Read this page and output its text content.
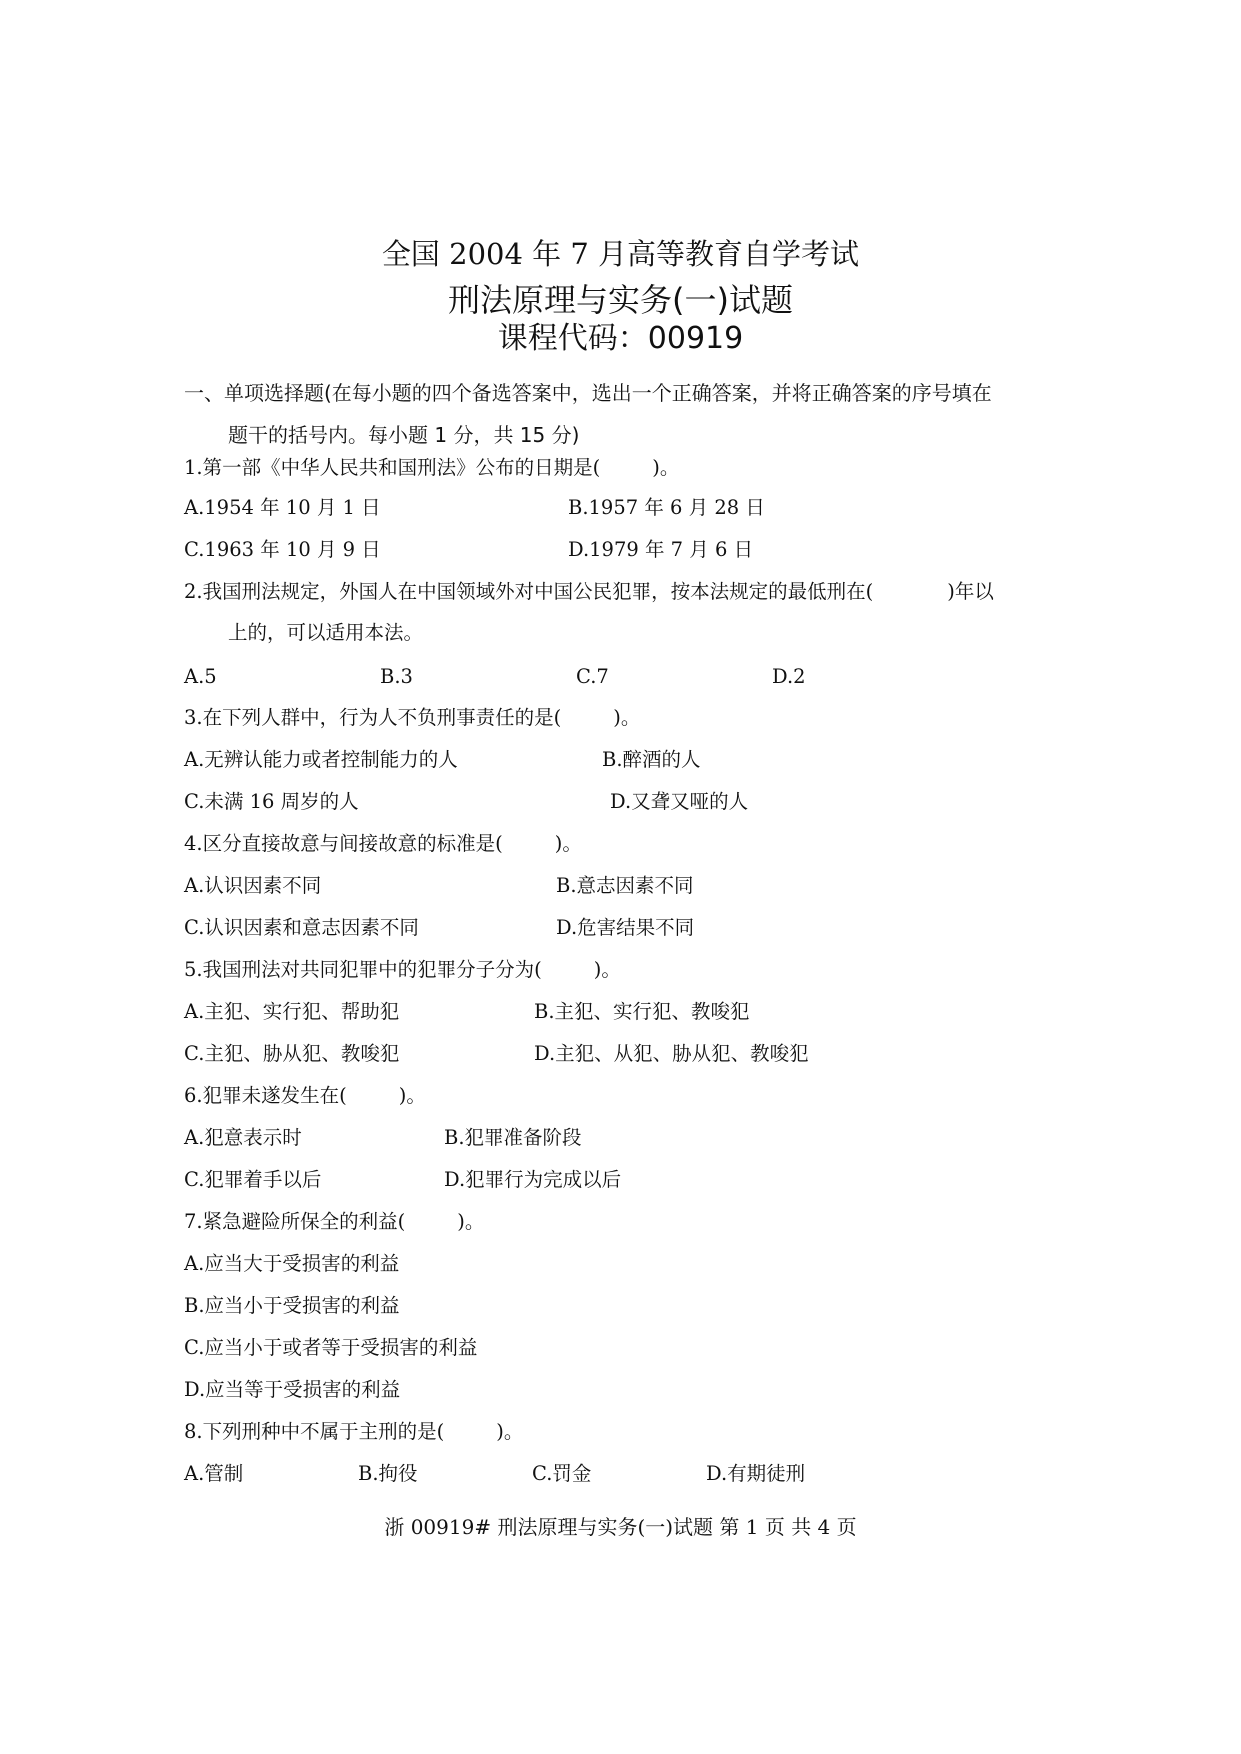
全国 2004 年 7 月高等教育自学考试
刑法原理与实务(一)试题
课程代码：00919
一、单项选择题(在每小题的四个备选答案中，选出一个正确答案，并将正确答案的序号填在
题干的括号内。每小题 1 分，共 15 分)
1.第一部《中华人民共和国刑法》公布的日期是(	)。
A.1954 年 10 月 1 日	B.1957 年 6 月 28 日
C.1963 年 10 月 9 日	D.1979 年 7 月 6 日
2.我国刑法规定，外国人在中国领域外对中国公民犯罪，按本法规定的最低刑在(	)年以
上的，可以适用本法。
A.5	B.3	C.7	D.2
3.在下列人群中，行为人不负刑事责任的是(	)。
A.无辨认能力或者控制能力的人	B.醉酒的人
C.未满 16 周岁的人	D.又聋又哑的人
4.区分直接故意与间接故意的标准是(	)。
A.认识因素不同	B.意志因素不同
C.认识因素和意志因素不同	D.危害结果不同
5.我国刑法对共同犯罪中的犯罪分子分为(	)。
A.主犯、实行犯、帮助犯	B.主犯、实行犯、教唆犯
C.主犯、胁从犯、教唆犯	D.主犯、从犯、胁从犯、教唆犯
6.犯罪未遂发生在(	)。
A.犯意表示时	B.犯罪准备阶段
C.犯罪着手以后	D.犯罪行为完成以后
7.紧急避险所保全的利益(	)。
A.应当大于受损害的利益
B.应当小于受损害的利益
C.应当小于或者等于受损害的利益
D.应当等于受损害的利益
8.下列刑种中不属于主刑的是(	)。
A.管制	B.拘役	C.罚金	D.有期徒刑
浙 00919# 刑法原理与实务(一)试题 第 1 页 共 4 页
